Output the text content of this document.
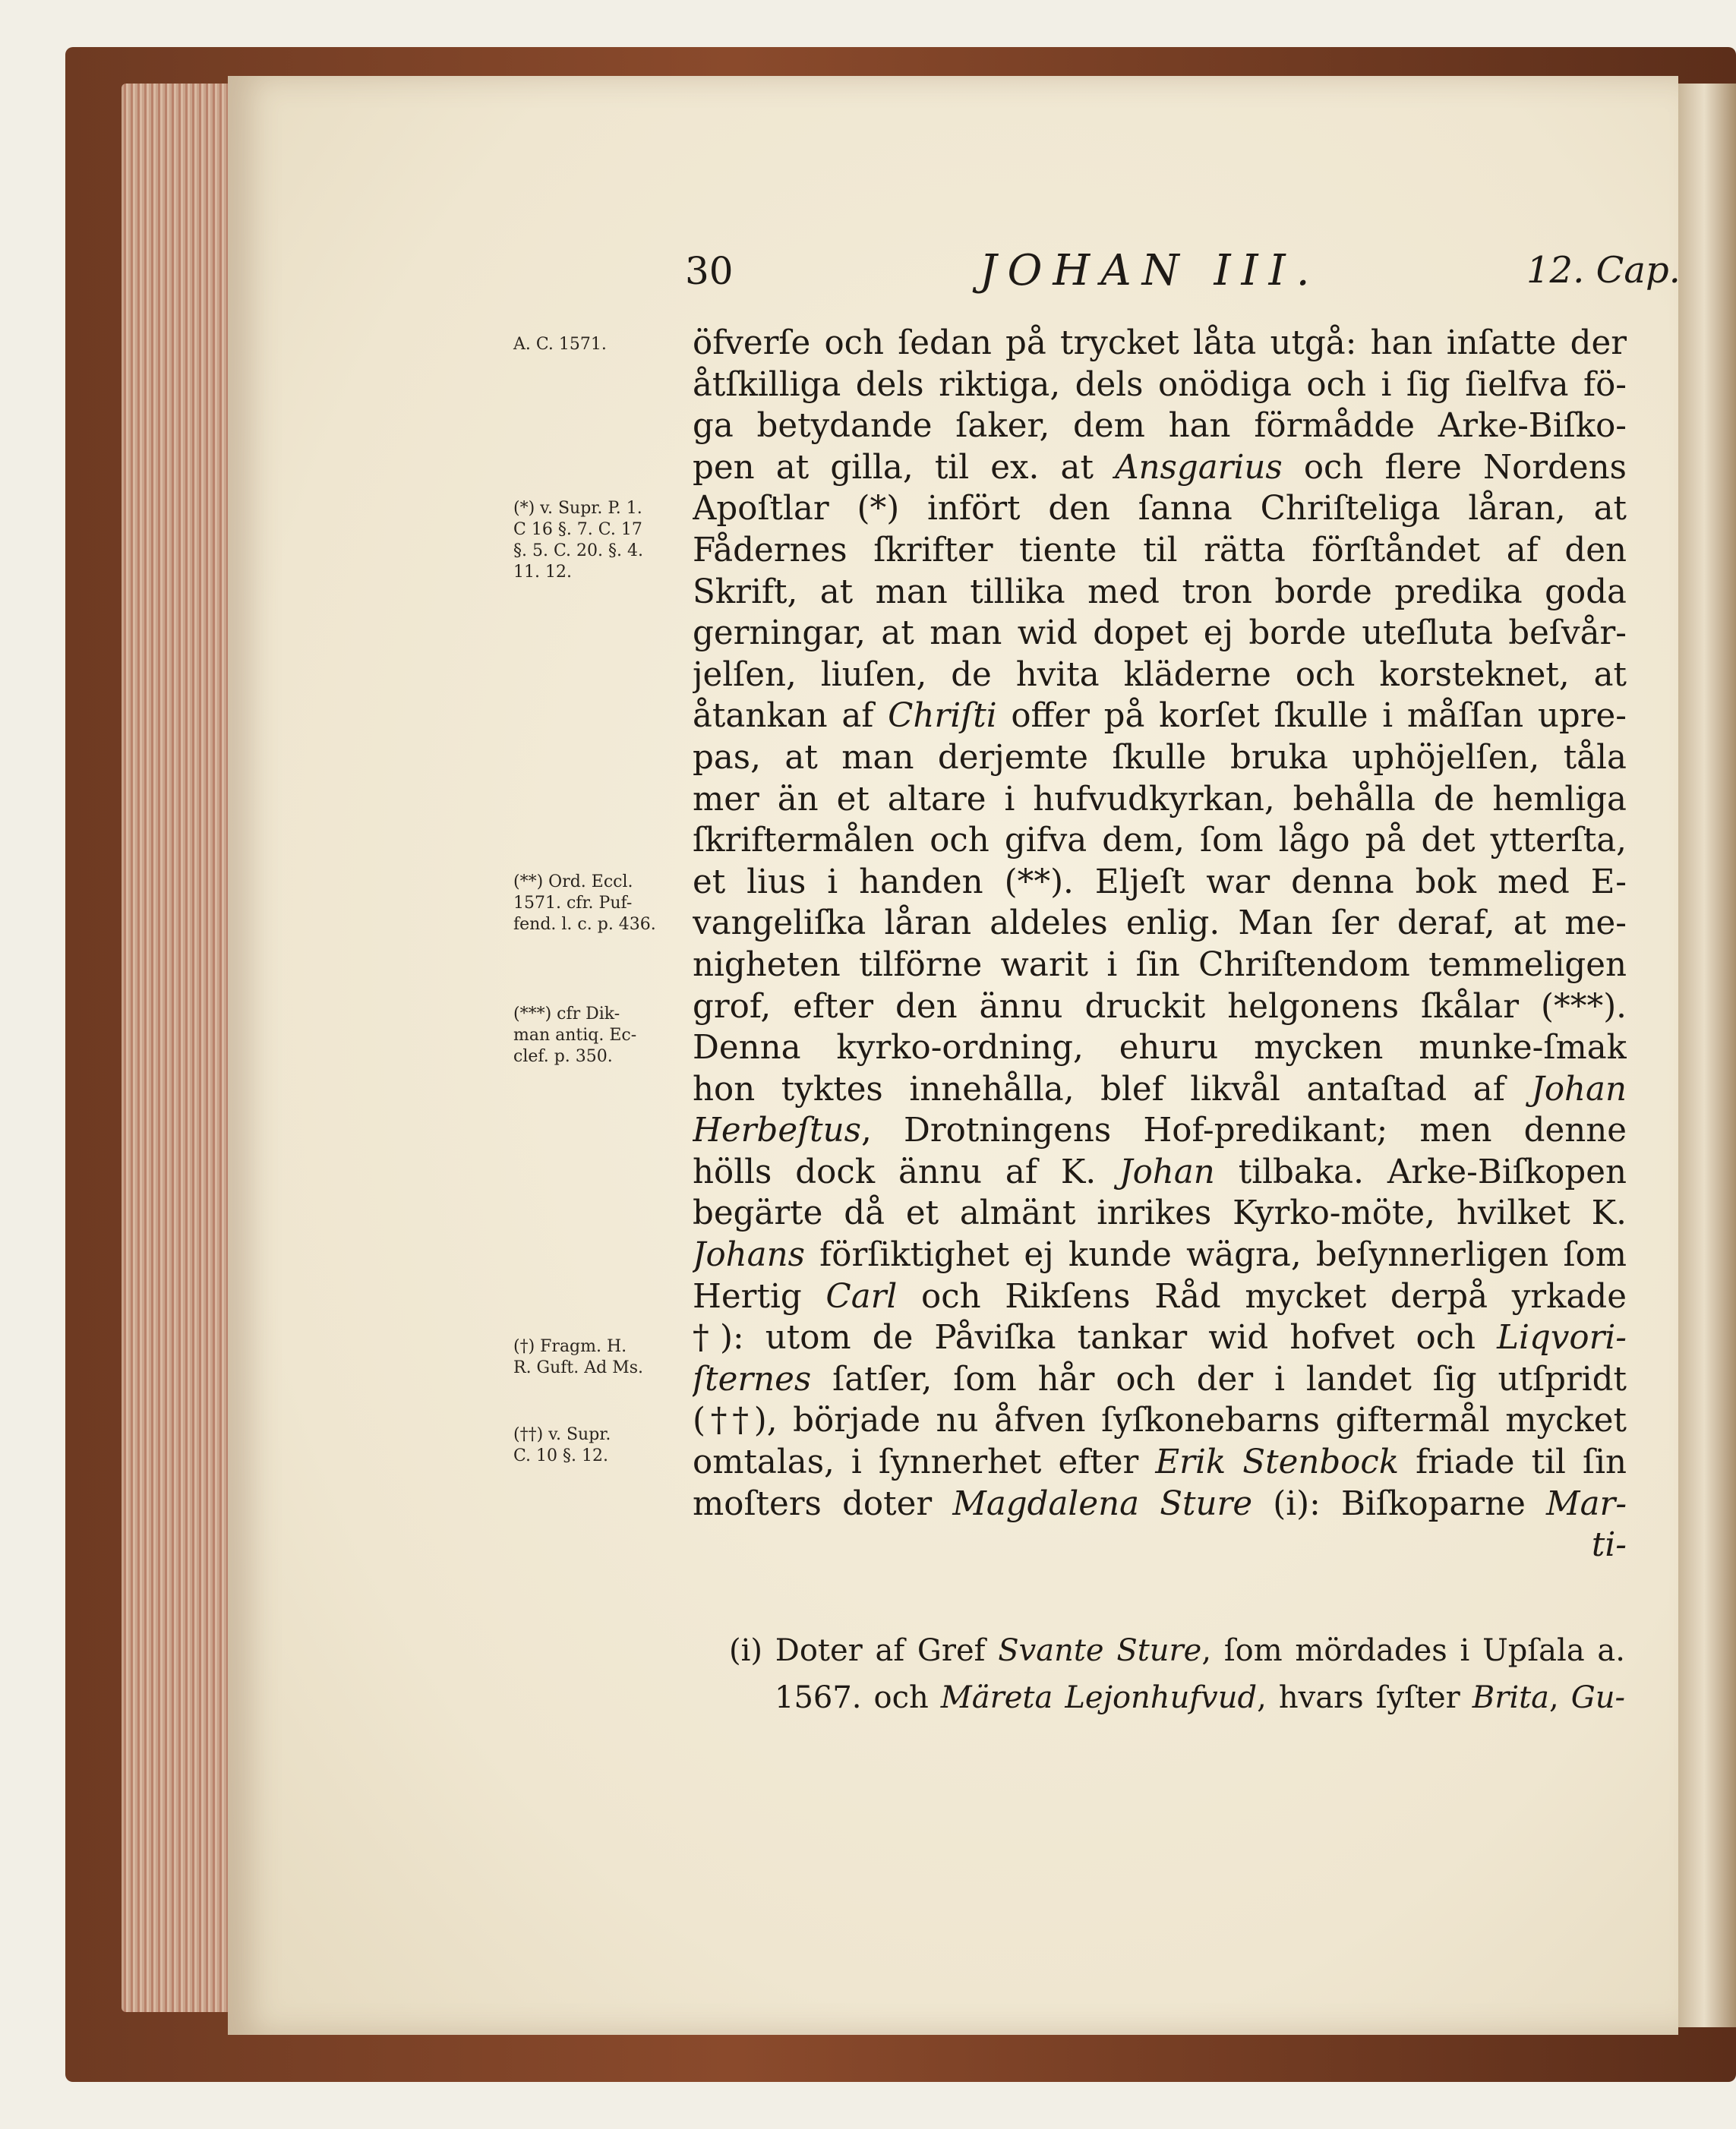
30	JOHAN III.	12. Cap.
A. C. 1571.
(*) v. Supr. P. 1.
C 16 §. 7. C. 17
§. 5. C. 20. §. 4.
11. 12.
(**) Ord. Eccl.
1571. cfr. Puf-
fend. l. c. p. 436.
(***) cfr Dik-
man antiq. Ec-
clef. p. 350.
(†) Fragm. H.
R. Guft. Ad Ms.
(††) v. Supr.
C. 10 §. 12.
öfverſe och ſedan på trycket låta utgå: han inſatte der
åtſkilliga dels riktiga, dels onödiga och i ſig ſielfva fö-
ga betydande ſaker, dem han förmådde Arke-Biſko-
pen at gilla, til ex. at Ansgarius och flere Nordens
Apoſtlar (*) infört den ſanna Chriſteliga låran, at
Fådernes ſkrifter tiente til rätta förſtåndet af den
Skrift, at man tillika med tron borde predika goda
gerningar, at man wid dopet ej borde uteſluta beſvår-
jelſen, liuſen, de hvita kläderne och korsteknet, at
åtankan af Chriſti offer på korſet ſkulle i måſſan upre-
pas, at man derjemte ſkulle bruka uphöjelſen, tåla
mer än et altare i hufvudkyrkan, behålla de hemliga
ſkriftermålen och gifva dem, ſom lågo på det ytterſta,
et lius i handen (**). Eljeſt war denna bok med E-
vangeliſka låran aldeles enlig. Man ſer deraf, at me-
nigheten tilförne warit i ſin Chriſtendom temmeligen
grof, efter den ännu druckit helgonens ſkålar (***).
Denna kyrko-ordning, ehuru mycken munke-ſmak
hon tyktes innehålla, blef likvål antaſtad af Johan
Herbeſtus, Drotningens Hof-predikant; men denne
hölls dock ännu af K. Johan tilbaka. Arke-Biſkopen
begärte då et almänt inrikes Kyrko-möte, hvilket K.
Johans förſiktighet ej kunde wägra, beſynnerligen ſom
Hertig Carl och Rikſens Råd mycket derpå yrkade
†): utom de Påviſka tankar wid hofvet och Liqvori-
ſternes ſatſer, ſom hår och der i landet ſig utſpridt
(††), började nu åfven ſyſkonebarns giftermål mycket
omtalas, i ſynnerhet efter Erik Stenbock friade til ſin
moſters doter Magdalena Sture (i): Biſkoparne Mar-
ti-
(i) Doter af Gref Svante Sture, ſom mördades i Upſala a.
1567. och Märeta Lejonhufvud, hvars ſyſter Brita, Gu-
